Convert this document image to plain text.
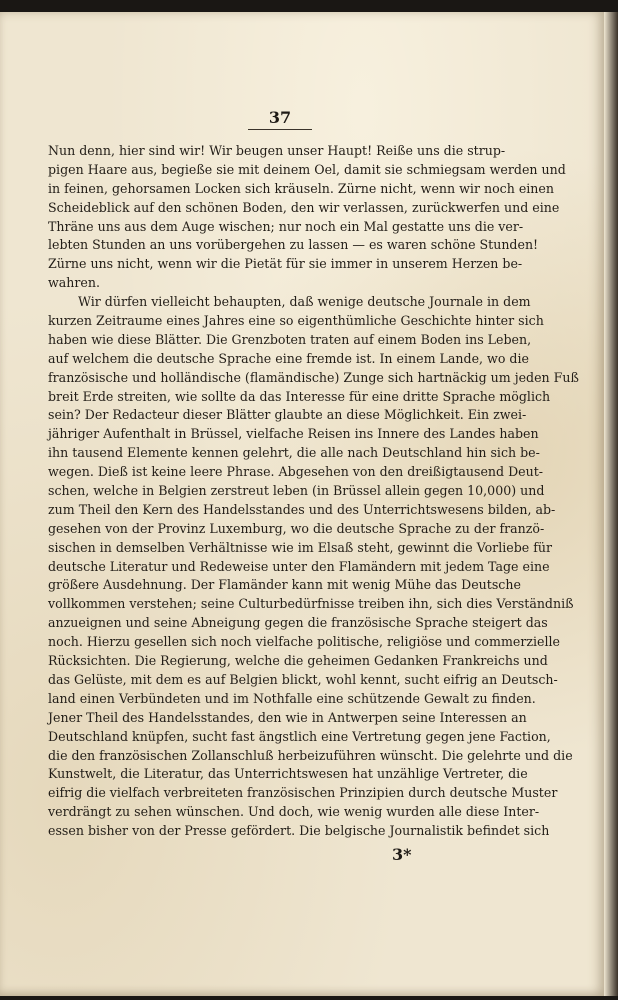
37
Nun denn, hier sind wir! Wir beugen unser Haupt! Reiße uns die strup-
pigen Haare aus, begieße sie mit deinem Oel, damit sie schmiegsam werden und
in feinen, gehorsamen Locken sich kräuseln. Zürne nicht, wenn wir noch einen
Scheideblick auf den schönen Boden, den wir verlassen, zurückwerfen und eine
Thräne uns aus dem Auge wischen; nur noch ein Mal gestatte uns die ver-
lebten Stunden an uns vorübergehen zu lassen — es waren schöne Stunden!
Zürne uns nicht, wenn wir die Pietät für sie immer in unserem Herzen be-
wahren.
Wir dürfen vielleicht behaupten, daß wenige deutsche Journale in dem
kurzen Zeitraume eines Jahres eine so eigenthümliche Geschichte hinter sich
haben wie diese Blätter. Die Grenzboten traten auf einem Boden ins Leben,
auf welchem die deutsche Sprache eine fremde ist. In einem Lande, wo die
französische und holländische (flamändische) Zunge sich hartnäckig um jeden Fuß
breit Erde streiten, wie sollte da das Interesse für eine dritte Sprache möglich
sein? Der Redacteur dieser Blätter glaubte an diese Möglichkeit. Ein zwei-
jähriger Aufenthalt in Brüssel, vielfache Reisen ins Innere des Landes haben
ihn tausend Elemente kennen gelehrt, die alle nach Deutschland hin sich be-
wegen. Dieß ist keine leere Phrase. Abgesehen von den dreißigtausend Deut-
schen, welche in Belgien zerstreut leben (in Brüssel allein gegen 10,000) und
zum Theil den Kern des Handelsstandes und des Unterrichtswesens bilden, ab-
gesehen von der Provinz Luxemburg, wo die deutsche Sprache zu der franzö-
sischen in demselben Verhältnisse wie im Elsaß steht, gewinnt die Vorliebe für
deutsche Literatur und Redeweise unter den Flamändern mit jedem Tage eine
größere Ausdehnung. Der Flamänder kann mit wenig Mühe das Deutsche
vollkommen verstehen; seine Culturbedürfnisse treiben ihn, sich dies Verständniß
anzueignen und seine Abneigung gegen die französische Sprache steigert das
noch. Hierzu gesellen sich noch vielfache politische, religiöse und commerzielle
Rücksichten. Die Regierung, welche die geheimen Gedanken Frankreichs und
das Gelüste, mit dem es auf Belgien blickt, wohl kennt, sucht eifrig an Deutsch-
land einen Verbündeten und im Nothfalle eine schützende Gewalt zu finden.
Jener Theil des Handelsstandes, den wie in Antwerpen seine Interessen an
Deutschland knüpfen, sucht fast ängstlich eine Vertretung gegen jene Faction,
die den französischen Zollanschluß herbeizuführen wünscht. Die gelehrte und die
Kunstwelt, die Literatur, das Unterrichtswesen hat unzählige Vertreter, die
eifrig die vielfach verbreiteten französischen Prinzipien durch deutsche Muster
verdrängt zu sehen wünschen. Und doch, wie wenig wurden alle diese Inter-
essen bisher von der Presse gefördert. Die belgische Journalistik befindet sich
3*
